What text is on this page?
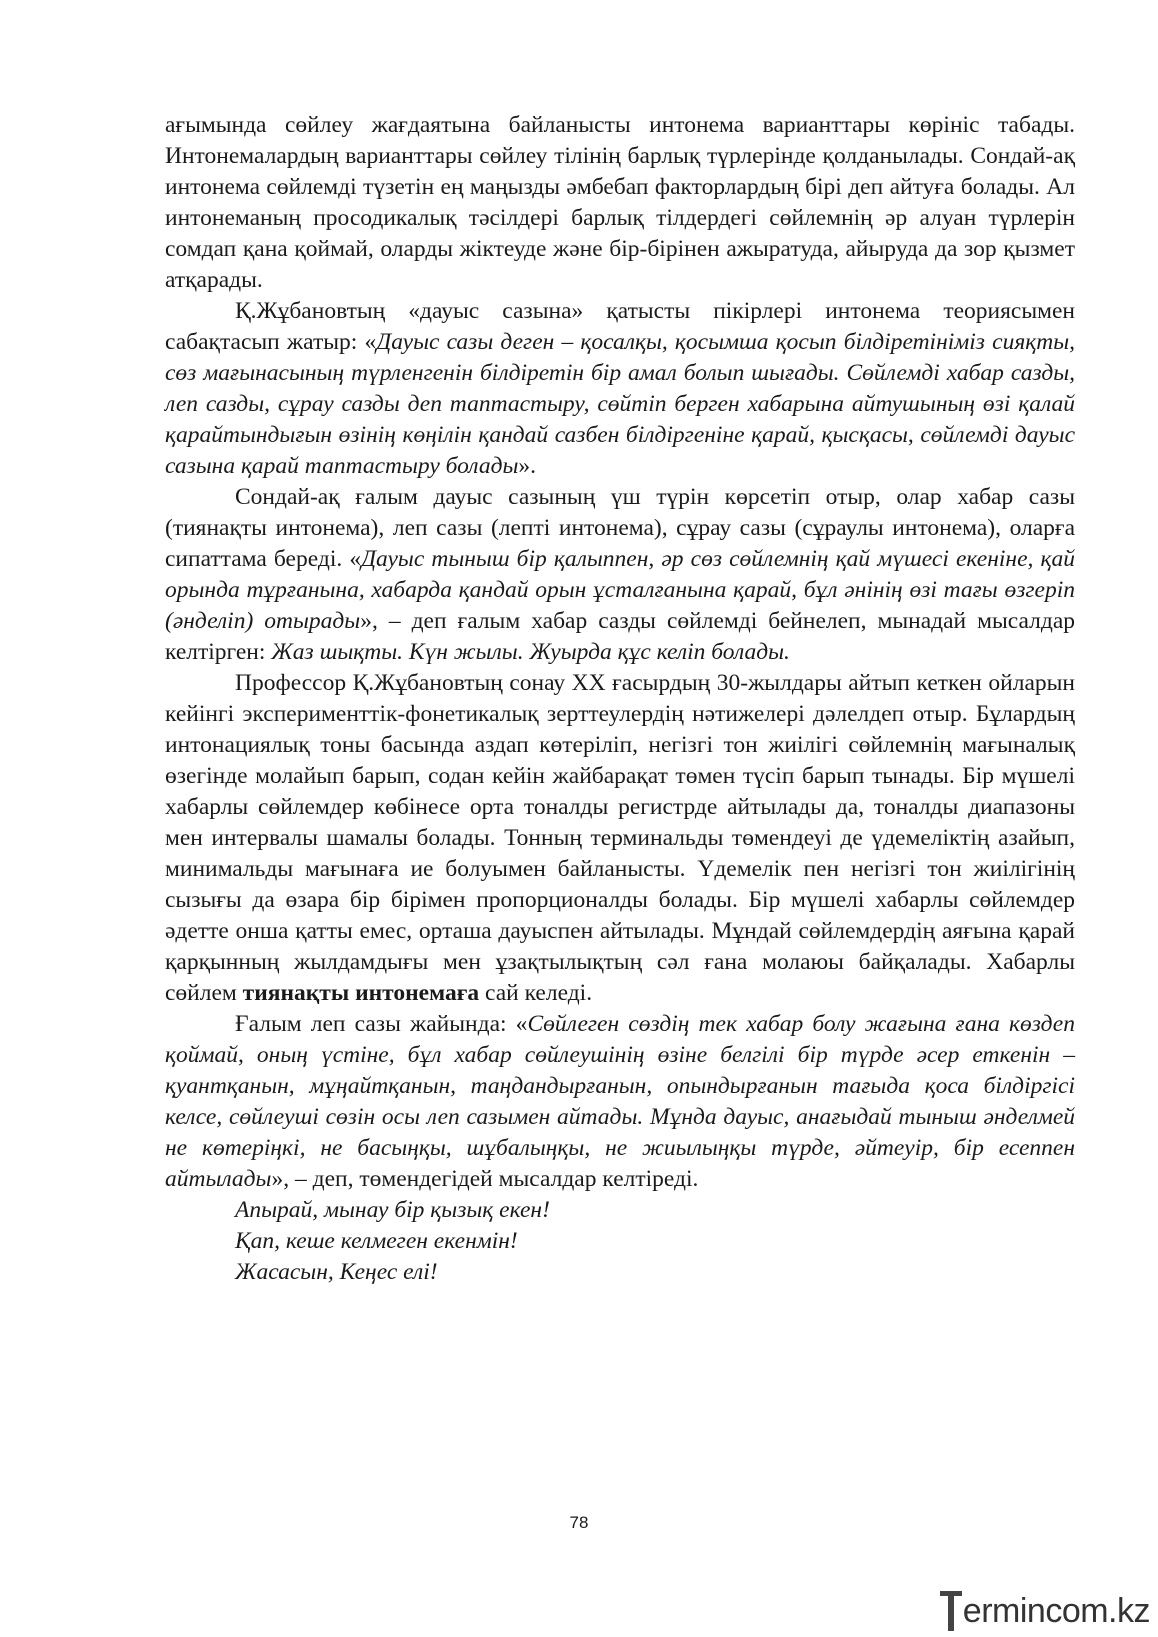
ағымында сөйлеу жағдаятына байланысты интонема варианттары көрініс табады. Интонемалардың варианттары сөйлеу тілінің барлық түрлерінде қолданылады. Сондай-ақ интонема сөйлемді түзетін ең маңызды әмбебап факторлардың бірі деп айтуға болады. Ал интонеманың просодикалық тәсілдері барлық тілдердегі сөйлемнің әр алуан түрлерін сомдап қана қоймай, оларды жіктеуде және бір-бірінен ажыратуда, айыруда да зор қызмет атқарады.

Қ.Жұбановтың «дауыс сазына» қатысты пікірлері интонема теориясымен сабақтасып жатыр: «Дауыс сазы деген – қосалқы, қосымша қосып білдіретініміз сияқты, сөз мағынасының түрленгенін білдіретін бір амал болып шығады. Сөйлемді хабар сазды, леп сазды, сұрау сазды деп таптастыру, сөйтіп берген хабарына айтушының өзі қалай қарайтындығын өзінің көңілін қандай сазбен білдіргеніне қарай, қысқасы, сөйлемді дауыс сазына қарай таптастыру болады».

Сондай-ақ ғалым дауыс сазының үш түрін көрсетіп отыр, олар хабар сазы (тиянақты интонема), леп сазы (лепті интонема), сұрау сазы (сұраулы интонема), оларға сипаттама береді. «Дауыс тыныш бір қалыппен, әр сөз сөйлемнің қай мүшесі екеніне, қай орында тұрғанына, хабарда қандай орын ұсталғанына қарай, бұл әнінің өзі тағы өзгеріп (әнделіп) отырады», – деп ғалым хабар сазды сөйлемді бейнелеп, мынадай мысалдар келтірген: Жаз шықты. Күн жылы. Жуырда құс келіп болады.

Профессор Қ.Жұбановтың сонау ХХ ғасырдың 30-жылдары айтып кеткен ойларын кейінгі эксперименттік-фонетикалық зерттеулердің нәтижелері дәлелдеп отыр. Бұлардың интонациялық тоны басында аздап көтеріліп, негізгі тон жиілігі сөйлемнің мағыналық өзегінде молайып барып, содан кейін жайбарақат төмен түсіп барып тынады. Бір мүшелі хабарлы сөйлемдер көбінесе орта тоналды регистрде айтылады да, тоналды диапазоны мен интервалы шамалы болады. Тонның терминальды төмендеуі де үдемеліктің азайып, минимальды мағынаға ие болуымен байланысты. Үдемелік пен негізгі тон жиілігінің сызығы да өзара бір бірімен пропорционалды болады. Бір мүшелі хабарлы сөйлемдер әдетте онша қатты емес, орташа дауыспен айтылады. Мұндай сөйлемдердің аяғына қарай қарқынның жылдамдығы мен ұзақтылықтың сәл ғана молаюы байқалады. Хабарлы сөйлем тиянақты интонемаға сай келеді.

Ғалым леп сазы жайында: «Сөйлеген сөздің тек хабар болу жағына ғана көздеп қоймай, оның үстіне, бұл хабар сөйлеушінің өзіне белгілі бір түрде әсер еткенін – қуантқанын, мұңайтқанын, таңдандырғанын, опындырғанын тағыда қоса білдіргісі келсе, сөйлеуші сөзін осы леп сазымен айтады. Мұнда дауыс, анағыдай тыныш әнделмей не көтеріңкі, не басыңқы, шұбалыңқы, не жиылыңқы түрде, әйтеуір, бір есеппен айтылады», – деп, төмендегідей мысалдар келтіреді.

Апырай, мынау бір қызық екен!

Қап, кеше келмеген екенмін!

Жасасын, Кеңес елі!

78
ermincom.kz
